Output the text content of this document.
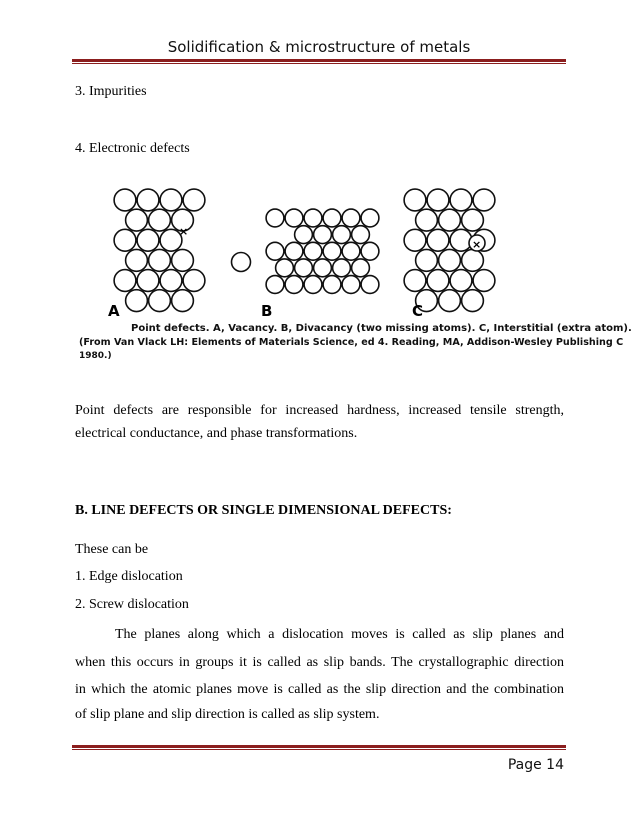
Solidification & microstructure of metals
3. Impurities
4. Electronic defects
×
×
A	B	C
Point defects. A, Vacancy. B, Divacancy (two missing atoms). C, Interstitial (extra atom).
(From Van Vlack LH: Elements of Materials Science, ed 4. Reading, MA, Addison-Wesley Publishing C
1980.)
Point defects are responsible for increased hardness, increased tensile strength,
electrical conductance, and phase transformations.
B. LINE DEFECTS OR SINGLE DIMENSIONAL DEFECTS:
These can be
1. Edge dislocation
2. Screw dislocation
The planes along which a dislocation moves is called as slip planes and
when this occurs in groups it is called as slip bands. The crystallographic direction
in which the atomic planes move is called as the slip direction and the combination
of slip plane and slip direction is called as slip system.
Page 14
